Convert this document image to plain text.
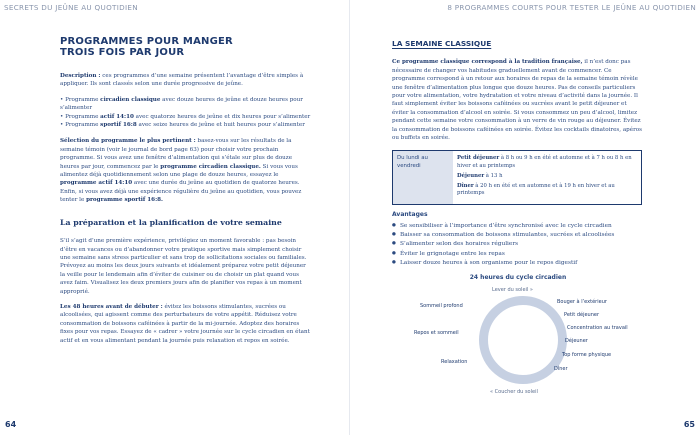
SECRETS DU JEÛNE AU QUOTIDIEN
PROGRAMMES POUR MANGER
TROIS FOIS PAR JOUR

Description : ces programmes d’une semaine présentent l’avantage d’être simples à appliquer. Ils sont classés selon une durée progressive de jeûne.

• Programme circadien classique avec douze heures de jeûne et douze heures pour s’alimenter
• Programme actif 14:10 avec quatorze heures de jeûne et dix heures pour s’alimenter
• Programme sportif 16:8 avec seize heures de jeûne et huit heures pour s’alimenter

Sélection du programme le plus pertinent : basez-vous sur les résultats de la semaine témoin (voir le journal de bord page 63) pour choisir votre prochain programme. Si vous avez une fenêtre d’alimentation qui s’étale sur plus de douze heures par jour, commencez par le programme circadien classique. Si vous vous alimentez déjà quotidiennement selon une plage de douze heures, essayez le programme actif 14:10 avec une durée du jeûne au quotidien de quatorze heures. Enfin, si vous avez déjà une expérience régulière du jeûne au quotidien, vous pouvez tenter le programme sportif 16:8.

La préparation et la planification de votre semaine

S’il s’agit d’une première expérience, privilégiez un moment favorable : pas besoin d’être en vacances ou d’abandonner votre pratique sportive mais simplement choisir une semaine sans stress particulier et sans trop de sollicitations sociales ou familiales. Prévoyez au moins les deux jours suivants et idéalement préparez votre petit déjeuner la veille pour le lendemain afin d’éviter de cuisiner ou de choisir un plat quand vous avez faim. Visualisez les deux premiers jours afin de planifier vos repas à un moment approprié.

Les 48 heures avant de débuter : évitez les boissons stimulantes, sucrées ou alcoolisées, qui agissent comme des perturbateurs de votre appétit. Réduisez votre consommation de boissons caféinées à partir de la mi-journée. Adoptez des horaires fixes pour vos repas. Essayez de « cadrer » votre journée sur le cycle circadien en étant actif et en vous alimentant pendant la journée puis relaxation et repos en soirée.

64
8 PROGRAMMES COURTS POUR TESTER LE JEÛNE AU QUOTIDIEN
LA SEMAINE CLASSIQUE

Ce programme classique correspond à la tradition française, il n’est donc pas nécessaire de changer vos habitudes graduellement avant de commencer. Ce programme correspond à un retour aux horaires de repas de la semaine témoin révèle une fenêtre d’alimentation plus longue que douze heures. Pas de conseils particuliers pour votre alimentation, votre hydratation et votre niveau d’activité dans la journée. Il faut simplement éviter les boissons caféinées ou sucrées avant le petit déjeuner et éviter la consommation d’alcool en soirée. Si vous consommez un peu d’alcool, limitez pendant cette semaine votre consommation à un verre de vin rouge au déjeuner. Évitez la consommation de boissons caféinées en soirée. Évitez les cocktails dinatoires, apéros ou buffets en soirée.

Du lundi au vendredi	
Petit déjeuner à 8 h ou 9 h en été et automne et à 7 h ou 8 h en hiver et au printemps
Déjeuner à 13 h
Dîner à 20 h en été et en automne et à 19 h en hiver et au printemps
Avantages
● Se sensibiliser à l’importance d’être synchronisé avec le cycle circadien
● Baisser sa consommation de boissons stimulantes, sucrées et alcoolisées
● S’alimenter selon des horaires réguliers
● Éviter le grignotage entre les repas
● Laisser douze heures à son organisme pour le repos digestif
24 heures du cycle circadien
Lever du soleil »
« Coucher du soleil
Bouger à l’extérieur
Petit déjeuner
Concentration au travail
Déjeuner
Top forme physique
Dîner
Relaxation
Repos et sommeil
Sommeil profond
65
